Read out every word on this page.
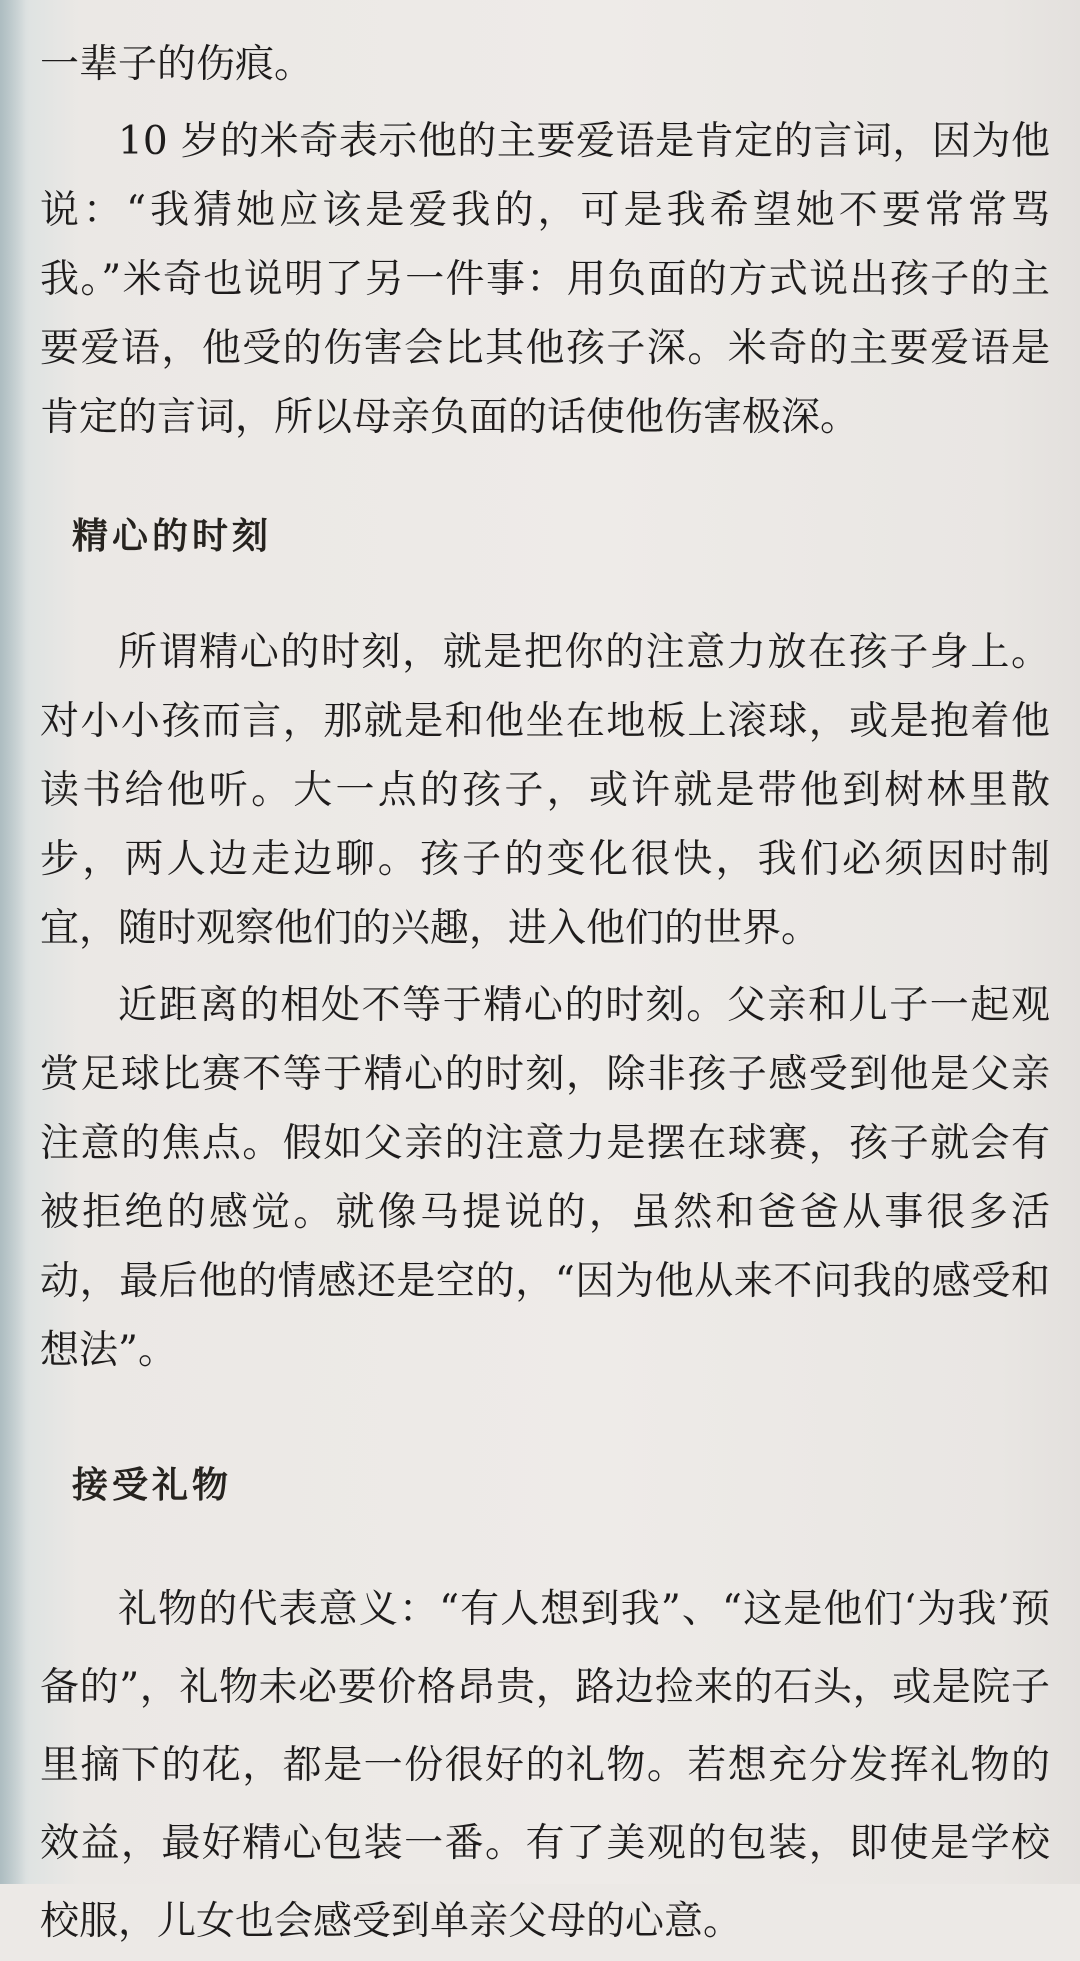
一辈子的伤痕。

10 岁的米奇表示他的主要爱语是肯定的言词，因为他说：“我猜她应该是爱我的，可是我希望她不要常常骂我。”米奇也说明了另一件事：用负面的方式说出孩子的主要爱语，他受的伤害会比其他孩子深。米奇的主要爱语是肯定的言词，所以母亲负面的话使他伤害极深。

精心的时刻

所谓精心的时刻，就是把你的注意力放在孩子身上。对小小孩而言，那就是和他坐在地板上滚球，或是抱着他读书给他听。大一点的孩子，或许就是带他到树林里散步，两人边走边聊。孩子的变化很快，我们必须因时制宜，随时观察他们的兴趣，进入他们的世界。

近距离的相处不等于精心的时刻。父亲和儿子一起观赏足球比赛不等于精心的时刻，除非孩子感受到他是父亲注意的焦点。假如父亲的注意力是摆在球赛，孩子就会有被拒绝的感觉。就像马提说的，虽然和爸爸从事很多活动，最后他的情感还是空的，“因为他从来不问我的感受和想法”。

接受礼物

礼物的代表意义：“有人想到我”、“这是他们‘为我’预备的”，礼物未必要价格昂贵，路边捡来的石头，或是院子里摘下的花，都是一份很好的礼物。若想充分发挥礼物的效益，最好精心包装一番。有了美观的包装，即使是学校校服，儿女也会感受到单亲父母的心意。
